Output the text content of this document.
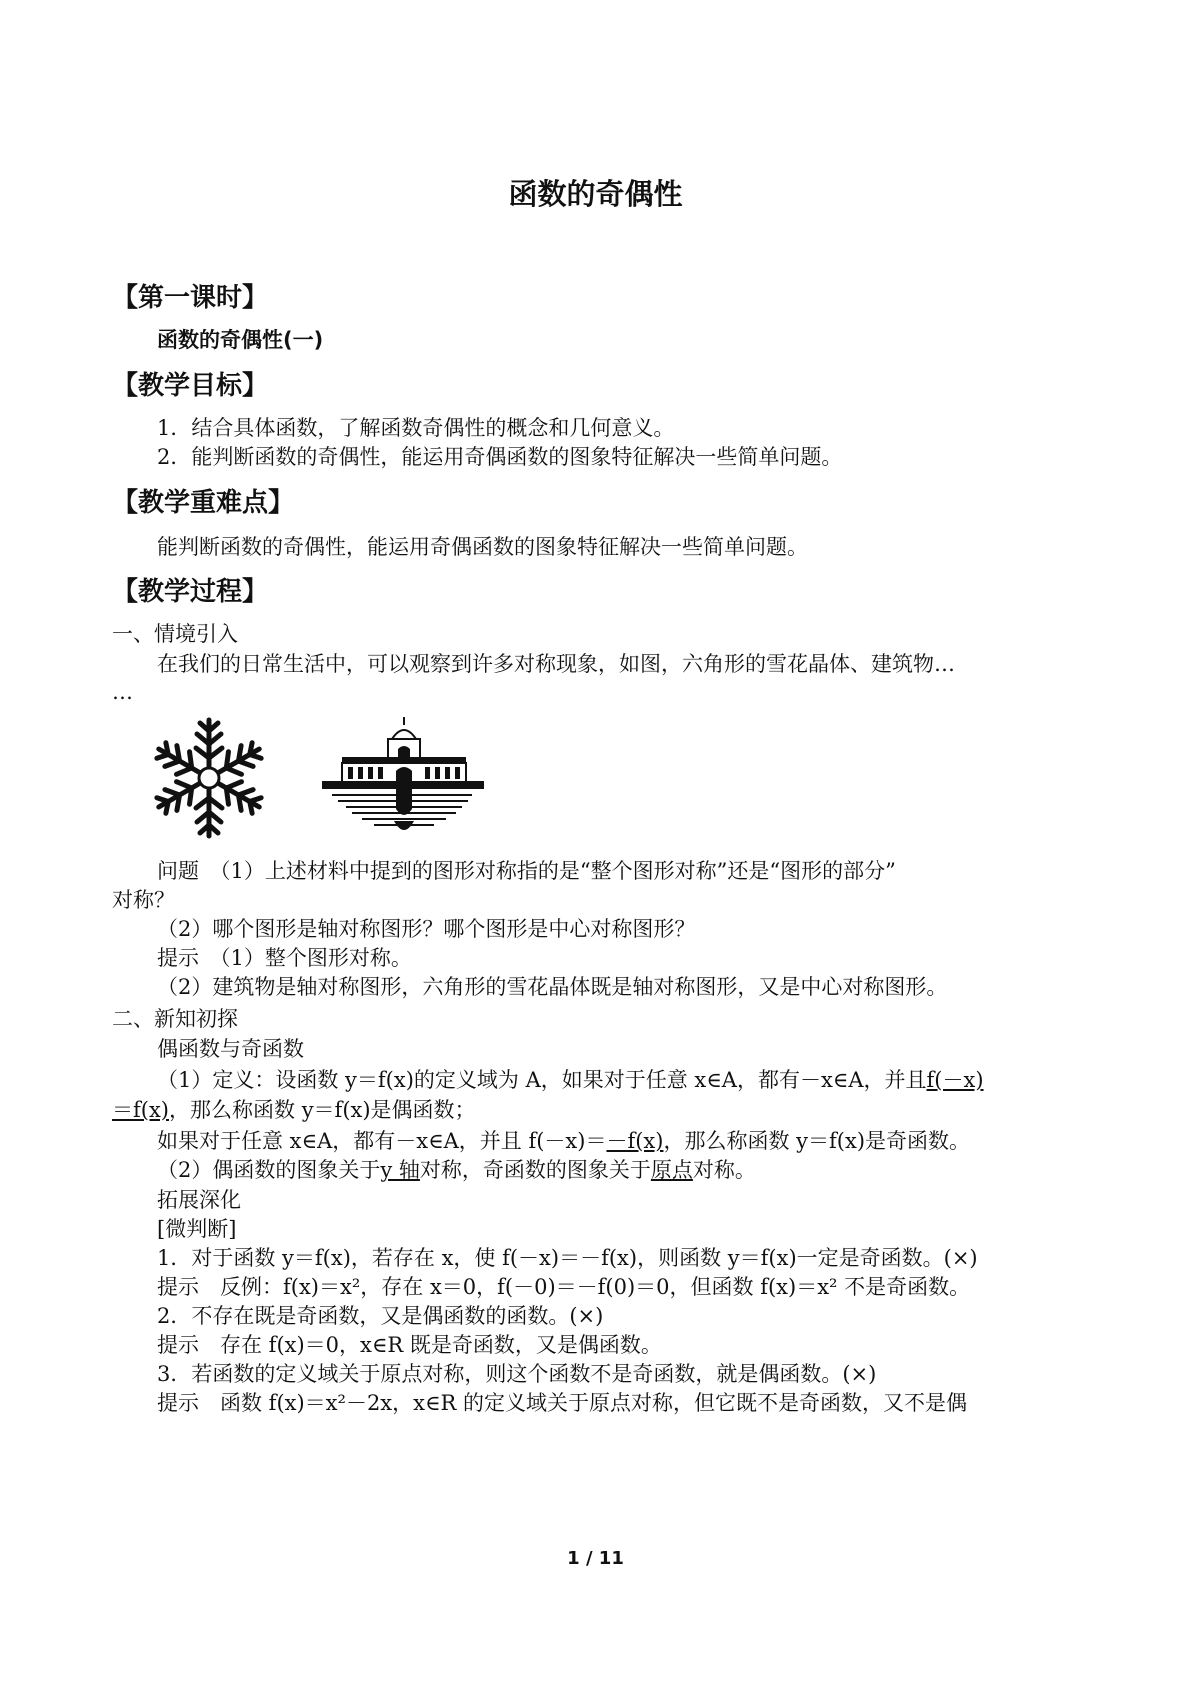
函数的奇偶性
【第一课时】
函数的奇偶性(一)
【教学目标】
1．结合具体函数，了解函数奇偶性的概念和几何意义。
2．能判断函数的奇偶性，能运用奇偶函数的图象特征解决一些简单问题。
【教学重难点】
能判断函数的奇偶性，能运用奇偶函数的图象特征解决一些简单问题。
【教学过程】
一、情境引入
在我们的日常生活中，可以观察到许多对称现象，如图，六角形的雪花晶体、建筑物…
…
问题　（1）上述材料中提到的图形对称指的是“整个图形对称”还是“图形的部分”
对称？
（2）哪个图形是轴对称图形？哪个图形是中心对称图形？
提示　（1）整个图形对称。
（2）建筑物是轴对称图形，六角形的雪花晶体既是轴对称图形，又是中心对称图形。
二、新知初探
偶函数与奇函数
（1）定义：设函数 y＝f(x)的定义域为 A，如果对于任意 x∈A，都有－x∈A，并且f(－x)
＝f(x)，那么称函数 y＝f(x)是偶函数；
如果对于任意 x∈A，都有－x∈A，并且 f(－x)＝－f(x)，那么称函数 y＝f(x)是奇函数。
（2）偶函数的图象关于y 轴对称，奇函数的图象关于原点对称。
拓展深化
[微判断]
1．对于函数 y＝f(x)，若存在 x，使 f(－x)＝－f(x)，则函数 y＝f(x)一定是奇函数。(×)
提示　反例：f(x)＝x²，存在 x＝0，f(－0)＝－f(0)＝0，但函数 f(x)＝x² 不是奇函数。
2．不存在既是奇函数，又是偶函数的函数。(×)
提示　存在 f(x)＝0，x∈R 既是奇函数，又是偶函数。
3．若函数的定义域关于原点对称，则这个函数不是奇函数，就是偶函数。(×)
提示　函数 f(x)＝x²－2x，x∈R 的定义域关于原点对称，但它既不是奇函数，又不是偶
1 / 11
